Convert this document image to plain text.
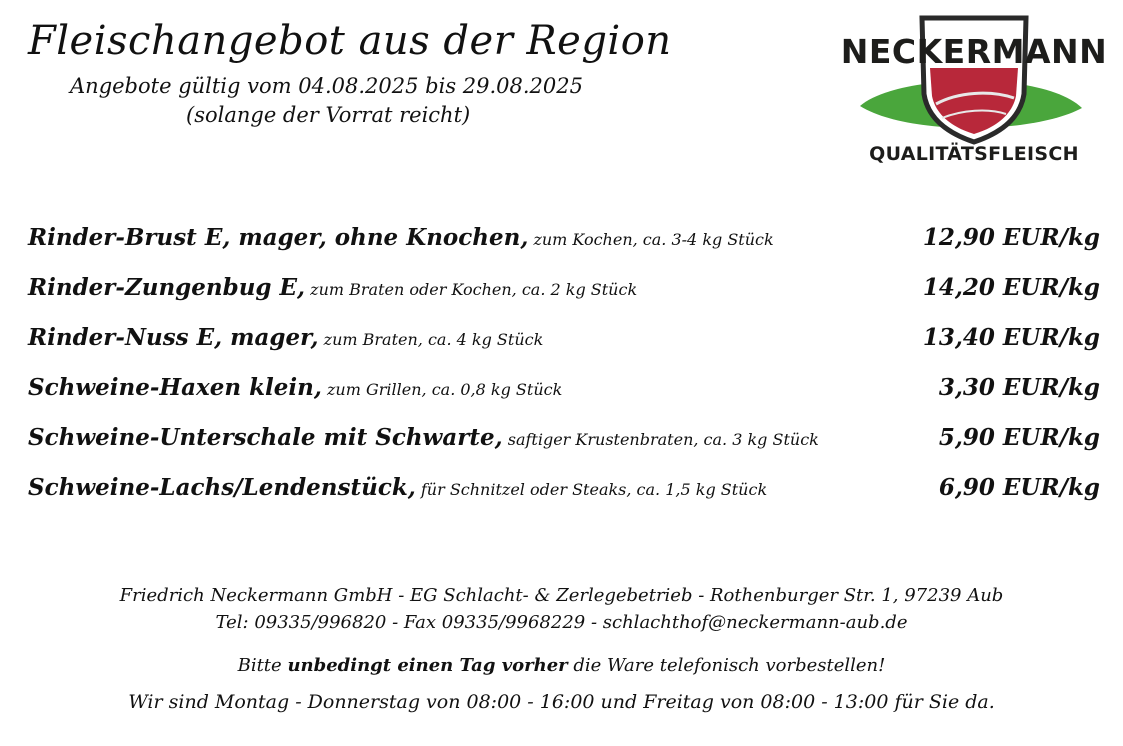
Fleischangebot aus der Region
Angebote gültig vom 04.08.2025 bis 29.08.2025
(solange der Vorrat reicht)
NECKERMANN
QUALITÄTSFLEISCH
Rinder-Brust E, mager, ohne Knochen, zum Kochen, ca. 3-4 kg Stück	12,90 EUR/kg
Rinder-Zungenbug E, zum Braten oder Kochen, ca. 2 kg Stück	14,20 EUR/kg
Rinder-Nuss E, mager, zum Braten, ca. 4 kg Stück	13,40 EUR/kg
Schweine-Haxen klein, zum Grillen, ca. 0,8 kg Stück	3,30 EUR/kg
Schweine-Unterschale mit Schwarte, saftiger Krustenbraten, ca. 3 kg Stück	5,90 EUR/kg
Schweine-Lachs/Lendenstück, für Schnitzel oder Steaks, ca. 1,5 kg Stück	6,90 EUR/kg
Friedrich Neckermann GmbH - EG Schlacht- & Zerlegebetrieb - Rothenburger Str. 1, 97239 Aub
Tel: 09335/996820 - Fax 09335/9968229 - schlachthof@neckermann-aub.de
Bitte unbedingt einen Tag vorher die Ware telefonisch vorbestellen!
Wir sind Montag - Donnerstag von 08:00 - 16:00 und Freitag von 08:00 - 13:00 für Sie da.
